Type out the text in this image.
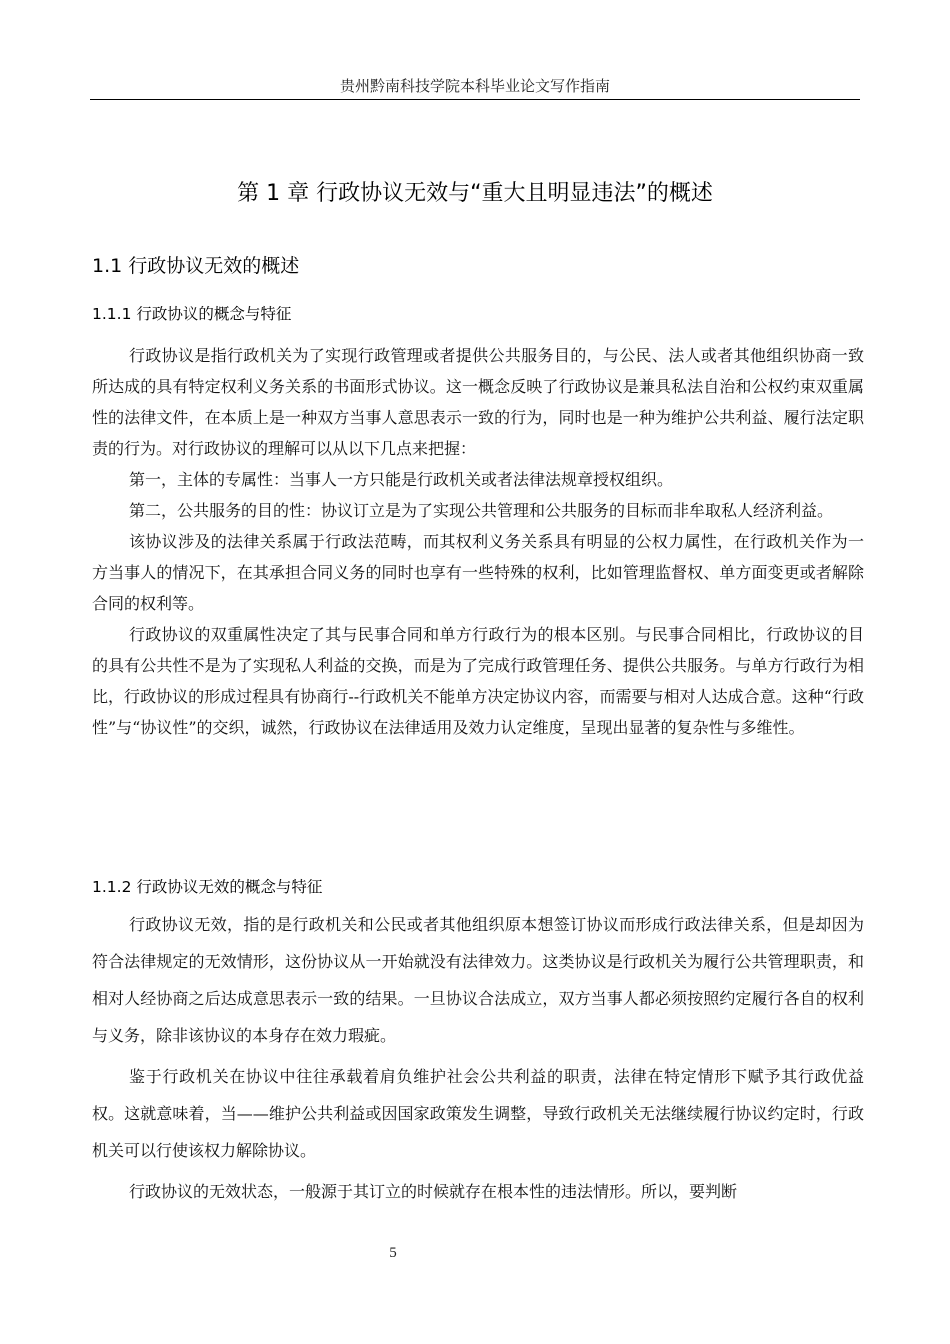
贵州黔南科技学院本科毕业论文写作指南
第 1 章 行政协议无效与“重大且明显违法”的概述
1.1 行政协议无效的概述
1.1.1 行政协议的概念与特征

行政协议是指行政机关为了实现行政管理或者提供公共服务目的，与公民、法人或者其他组织协商一致所达成的具有特定权利义务关系的书面形式协议。这一概念反映了行政协议是兼具私法自治和公权约束双重属性的法律文件，在本质上是一种双方当事人意思表示一致的行为，同时也是一种为维护公共利益、履行法定职责的行为。对行政协议的理解可以从以下几点来把握：

第一，主体的专属性：当事人一方只能是行政机关或者法律法规章授权组织。

第二，公共服务的目的性：协议订立是为了实现公共管理和公共服务的目标而非牟取私人经济利益。

该协议涉及的法律关系属于行政法范畴，而其权利义务关系具有明显的公权力属性，在行政机关作为一方当事人的情况下，在其承担合同义务的同时也享有一些特殊的权利，比如管理监督权、单方面变更或者解除合同的权利等。

行政协议的双重属性决定了其与民事合同和单方行政行为的根本区别。与民事合同相比，行政协议的目的具有公共性不是为了实现私人利益的交换，而是为了完成行政管理任务、提供公共服务。与单方行政行为相比，行政协议的形成过程具有协商行--行政机关不能单方决定协议内容，而需要与相对人达成合意。这种“行政性”与“协议性”的交织，诚然，行政协议在法律适用及效力认定维度，呈现出显著的复杂性与多维性。

1.1.2 行政协议无效的概念与特征

行政协议无效，指的是行政机关和公民或者其他组织原本想签订协议而形成行政法律关系，但是却因为符合法律规定的无效情形，这份协议从一开始就没有法律效力。这类协议是行政机关为履行公共管理职责，和相对人经协商之后达成意思表示一致的结果。一旦协议合法成立，双方当事人都必须按照约定履行各自的权利与义务，除非该协议的本身存在效力瑕疵。

鉴于行政机关在协议中往往承载着肩负维护社会公共利益的职责，法律在特定情形下赋予其行政优益权。这就意味着，当——维护公共利益或因国家政策发生调整，导致行政机关无法继续履行协议约定时，行政机关可以行使该权力解除协议。

行政协议的无效状态，一般源于其订立的时候就存在根本性的违法情形。所以，要判断

5
